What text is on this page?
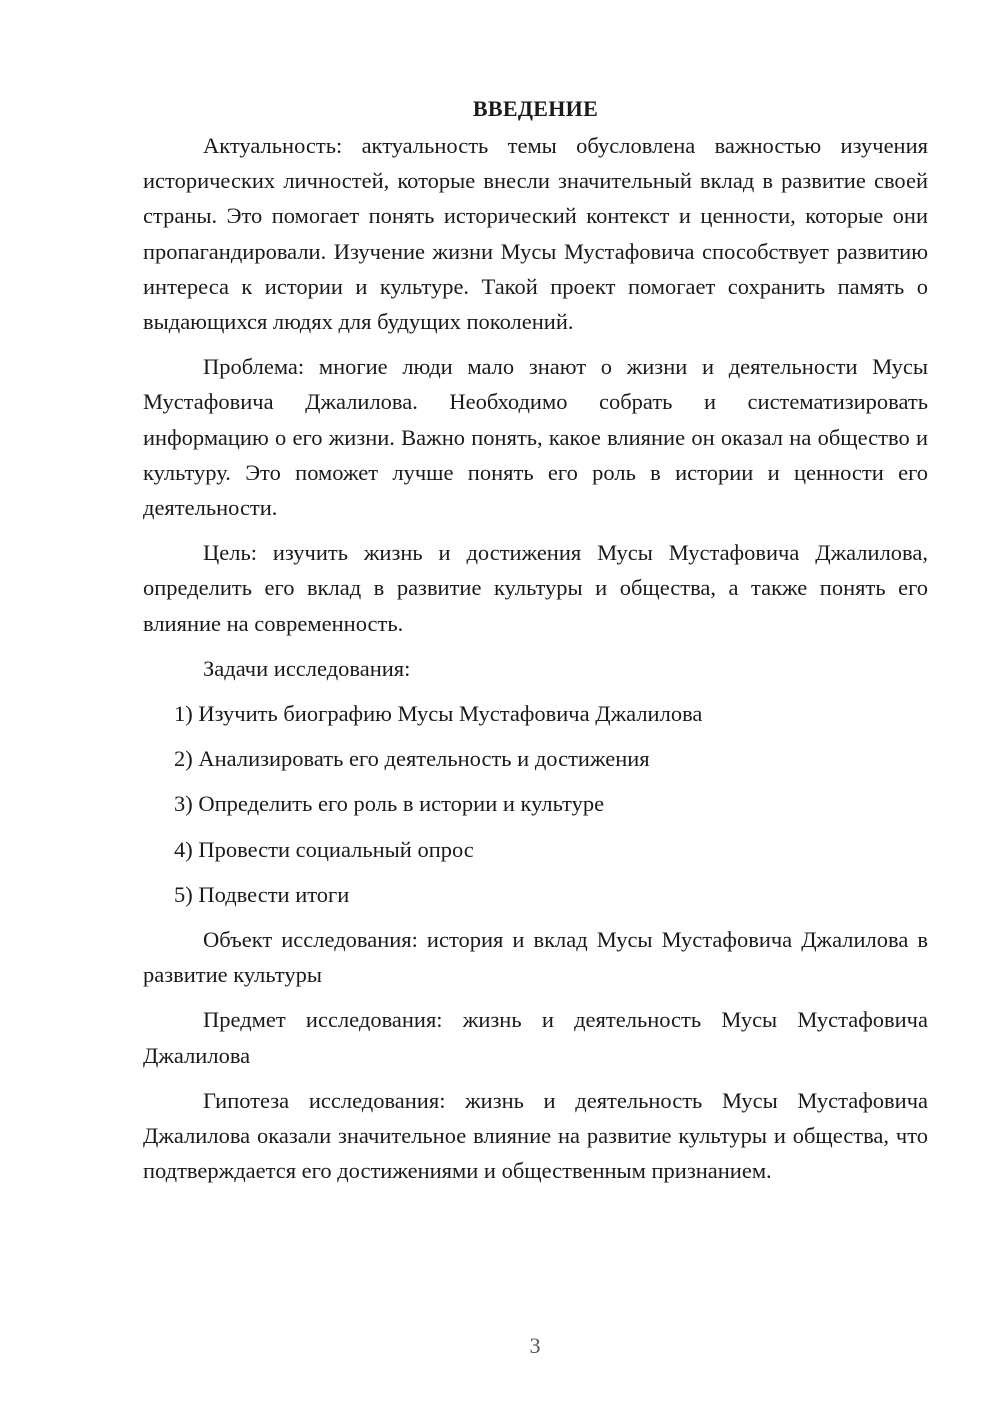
ВВЕДЕНИЕ

Актуальность: актуальность темы обусловлена важностью изучения исторических личностей, которые внесли значительный вклад в развитие своей страны. Это помогает понять исторический контекст и ценности, которые они пропагандировали. Изучение жизни Мусы Мустафовича способствует развитию интереса к истории и культуре. Такой проект помогает сохранить память о выдающихся людях для будущих поколений.

Проблема: многие люди мало знают о жизни и деятельности Мусы Мустафовича Джалилова. Необходимо собрать и систематизировать информацию о его жизни. Важно понять, какое влияние он оказал на общество и культуру. Это поможет лучше понять его роль в истории и ценности его деятельности.

Цель: изучить жизнь и достижения Мусы Мустафовича Джалилова, определить его вклад в развитие культуры и общества, а также понять его влияние на современность.

Задачи исследования:

1) Изучить биографию Мусы Мустафовича Джалилова
2) Анализировать его деятельность и достижения
3) Определить его роль в истории и культуре
4) Провести социальный опрос
5) Подвести итоги

Объект исследования: история и вклад Мусы Мустафовича Джалилова в развитие культуры

Предмет исследования: жизнь и деятельность Мусы Мустафовича Джалилова

Гипотеза исследования: жизнь и деятельность Мусы Мустафовича Джалилова оказали значительное влияние на развитие культуры и общества, что подтверждается его достижениями и общественным признанием.

3
